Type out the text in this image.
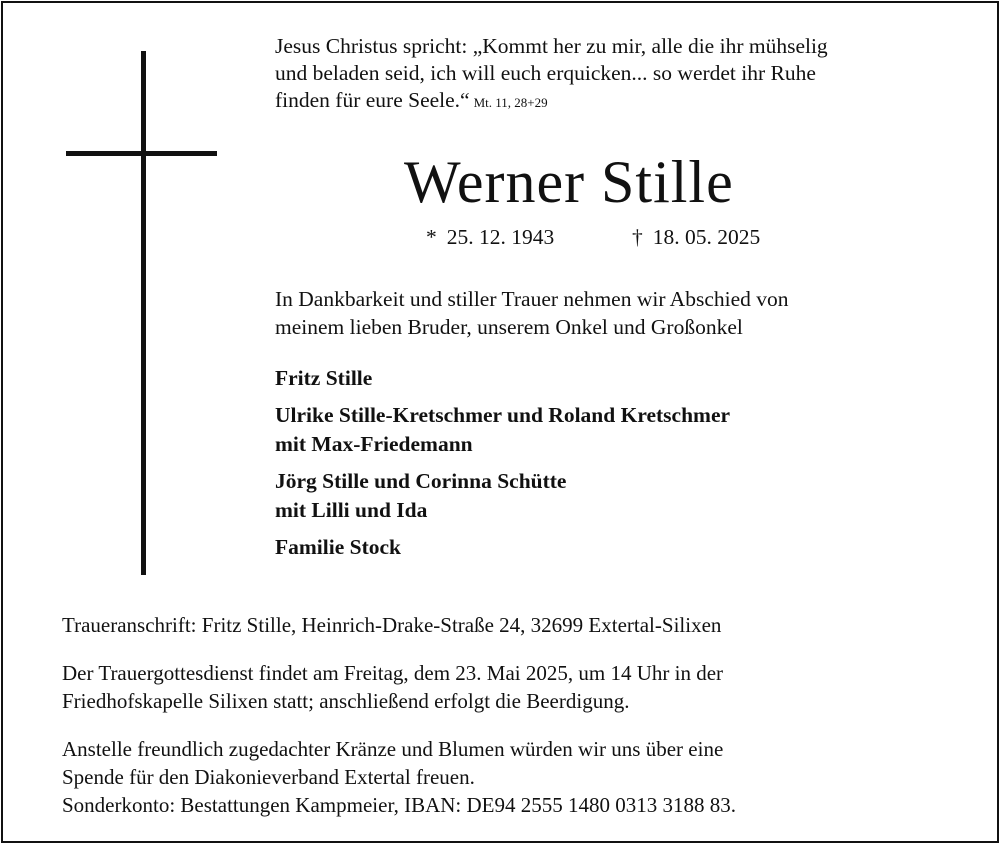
Jesus Christus spricht: „Kommt her zu mir, alle die ihr mühselig
und beladen seid, ich will euch erquicken... so werdet ihr Ruhe
finden für eure Seele.“ Mt. 11, 28+29
Werner Stille
* 25. 12. 1943	† 18. 05. 2025
In Dankbarkeit und stiller Trauer nehmen wir Abschied von
meinem lieben Bruder, unserem Onkel und Großonkel
Fritz Stille
Ulrike Stille-Kretschmer und Roland Kretschmer
mit Max-Friedemann
Jörg Stille und Corinna Schütte
mit Lilli und Ida
Familie Stock
Traueranschrift: Fritz Stille, Heinrich-Drake-Straße 24, 32699 Extertal-Silixen
Der Trauergottesdienst findet am Freitag, dem 23. Mai 2025, um 14 Uhr in der
Friedhofskapelle Silixen statt; anschließend erfolgt die Beerdigung.
Anstelle freundlich zugedachter Kränze und Blumen würden wir uns über eine
Spende für den Diakonieverband Extertal freuen.
Sonderkonto: Bestattungen Kampmeier, IBAN: DE94 2555 1480 0313 3188 83.
